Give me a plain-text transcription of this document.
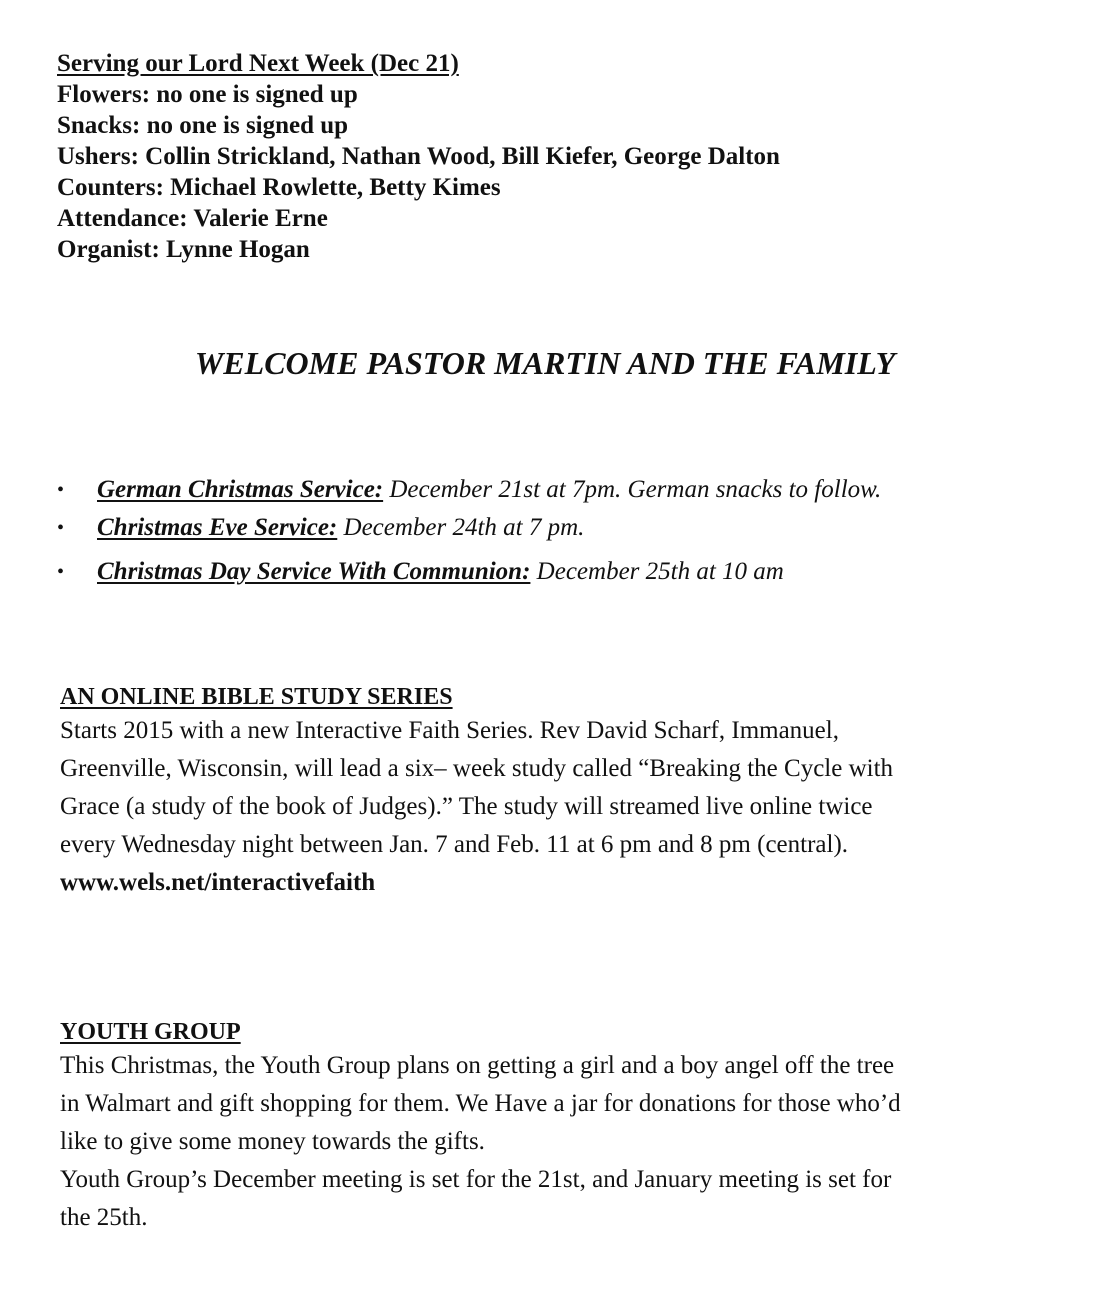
Serving our Lord Next Week (Dec 21)
Flowers: no one is signed up
Snacks: no one is signed up
Ushers: Collin Strickland, Nathan Wood, Bill Kiefer, George Dalton
Counters: Michael Rowlette, Betty Kimes
Attendance: Valerie Erne
Organist: Lynne Hogan
WELCOME PASTOR MARTIN AND THE FAMILY
• German Christmas Service: December 21st at 7pm. German snacks to follow.
• Christmas Eve Service: December 24th at 7 pm.
• Christmas Day Service With Communion: December 25th at 10 am
AN ONLINE BIBLE STUDY SERIES

Starts 2015 with a new Interactive Faith Series. Rev David Scharf, Immanuel,

Greenville, Wisconsin, will lead a six– week study called “Breaking the Cycle with

Grace (a study of the book of Judges).” The study will streamed live online twice

every Wednesday night between Jan. 7 and Feb. 11 at 6 pm and 8 pm (central).

www.wels.net/interactivefaith

YOUTH GROUP

This Christmas, the Youth Group plans on getting a girl and a boy angel off the tree

in Walmart and gift shopping for them. We Have a jar for donations for those who’d

like to give some money towards the gifts.

Youth Group’s December meeting is set for the 21st, and January meeting is set for

the 25th.
